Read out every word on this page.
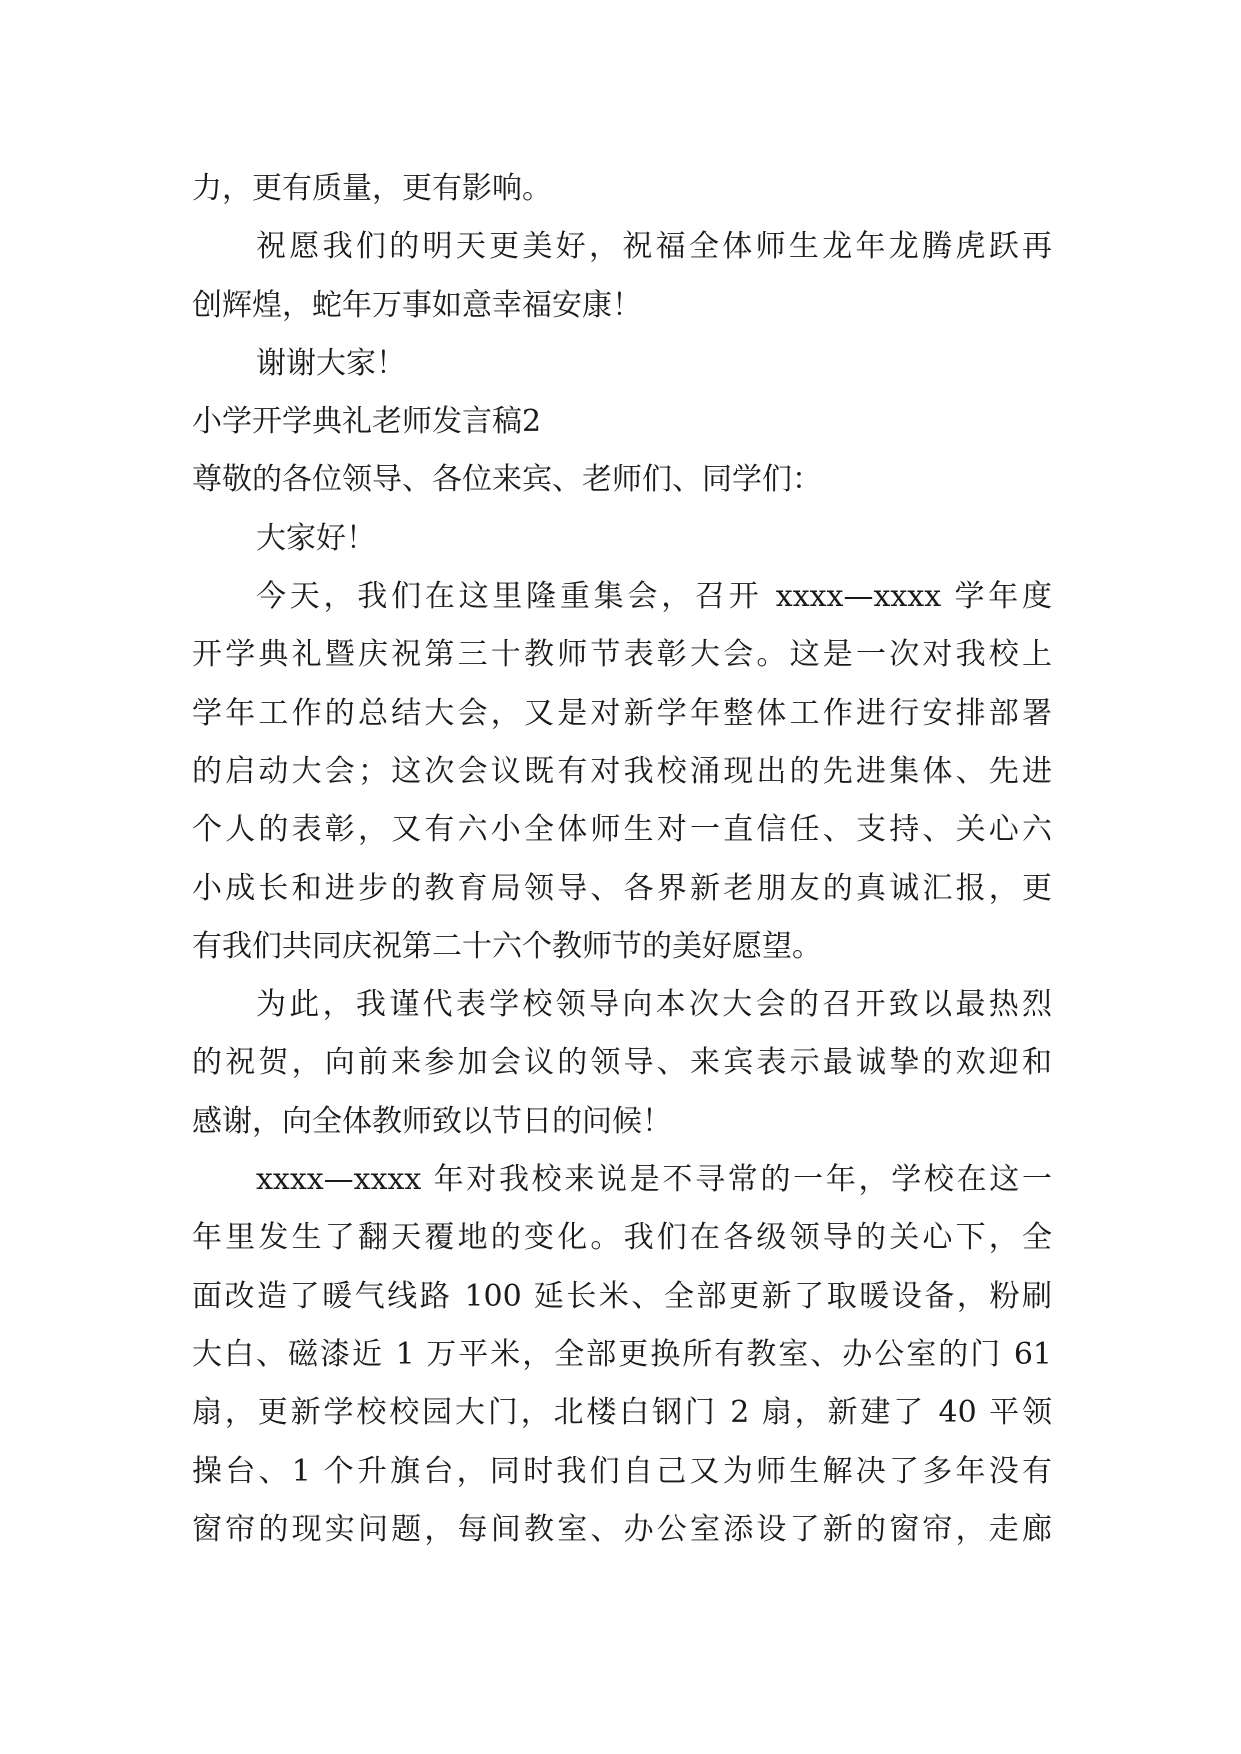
力，更有质量，更有影响。
祝愿我们的明天更美好，祝福全体师生龙年龙腾虎跃再
创辉煌，蛇年万事如意幸福安康！
谢谢大家！
小学开学典礼老师发言稿2
尊敬的各位领导、各位来宾、老师们、同学们：
大家好！
今天，我们在这里隆重集会，召开 xxxx—xxxx 学年度
开学典礼暨庆祝第三十教师节表彰大会。这是一次对我校上
学年工作的总结大会，又是对新学年整体工作进行安排部署
的启动大会；这次会议既有对我校涌现出的先进集体、先进
个人的表彰，又有六小全体师生对一直信任、支持、关心六
小成长和进步的教育局领导、各界新老朋友的真诚汇报，更
有我们共同庆祝第二十六个教师节的美好愿望。
为此，我谨代表学校领导向本次大会的召开致以最热烈
的祝贺，向前来参加会议的领导、来宾表示最诚挚的欢迎和
感谢，向全体教师致以节日的问候！
xxxx—xxxx 年对我校来说是不寻常的一年，学校在这一
年里发生了翻天覆地的变化。我们在各级领导的关心下，全
面改造了暖气线路 100 延长米、全部更新了取暖设备，粉刷
大白、磁漆近 1 万平米，全部更换所有教室、办公室的门 61
扇，更新学校校园大门，北楼白钢门 2 扇，新建了 40 平领
操台、1 个升旗台，同时我们自己又为师生解决了多年没有
窗帘的现实问题，每间教室、办公室添设了新的窗帘，走廊
